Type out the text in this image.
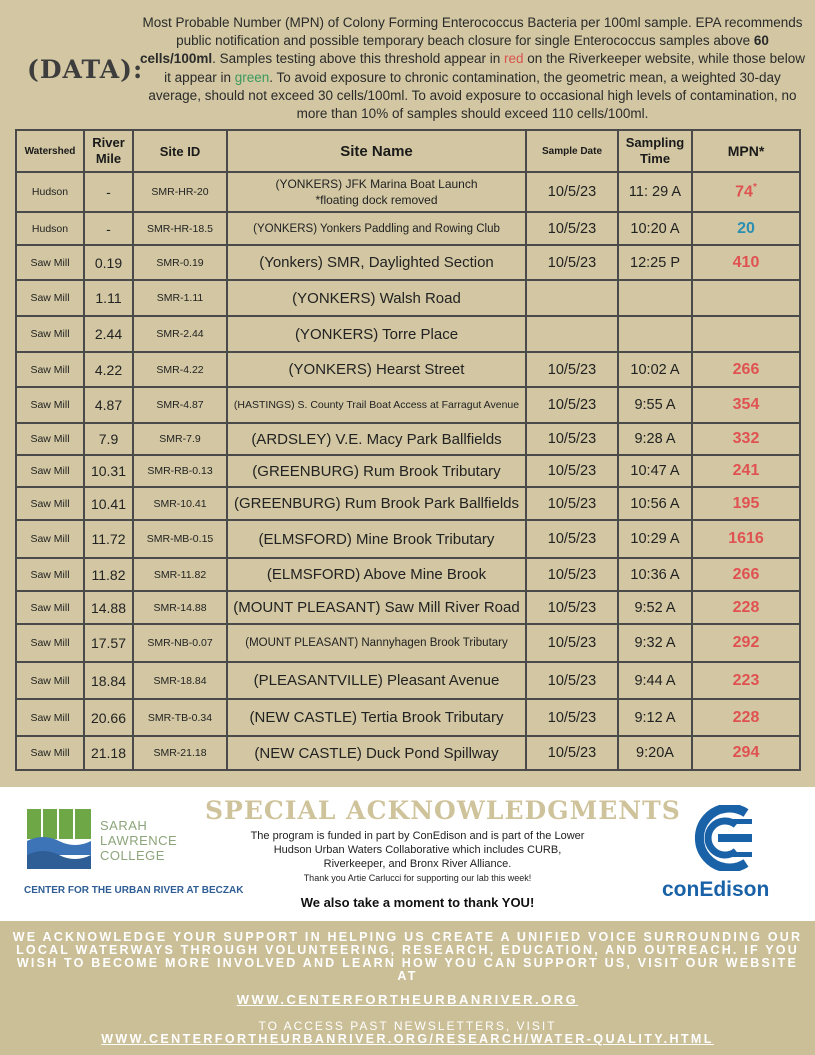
(DATA):
Most Probable Number (MPN) of Colony Forming Enterococcus Bacteria per 100ml sample. EPA recommends public notification and possible temporary beach closure for single Enterococcus samples above 60 cells/100ml. Samples testing above this threshold appear in red on the Riverkeeper website, while those below it appear in green. To avoid exposure to chronic contamination, the geometric mean, a weighted 30-day average, should not exceed 30 cells/100ml. To avoid exposure to occasional high levels of contamination, no more than 10% of samples should exceed 110 cells/100ml.
Watershed	River Mile	Site ID	Site Name	Sample Date	Sampling Time	MPN*
Hudson	-	SMR-HR-20	(YONKERS) JFK Marina Boat Launch
*floating dock removed	10/5/23	11: 29 A	74*
Hudson	-	SMR-HR-18.5	(YONKERS) Yonkers Paddling and Rowing Club	10/5/23	10:20 A	20
Saw Mill	0.19	SMR-0.19	(Yonkers) SMR, Daylighted Section	10/5/23	12:25 P	410
Saw Mill	1.11	SMR-1.11	(YONKERS) Walsh Road			
Saw Mill	2.44	SMR-2.44	(YONKERS) Torre Place			
Saw Mill	4.22	SMR-4.22	(YONKERS) Hearst Street	10/5/23	10:02 A	266
Saw Mill	4.87	SMR-4.87	(HASTINGS) S. County Trail Boat Access at Farragut Avenue	10/5/23	9:55 A	354
Saw Mill	7.9	SMR-7.9	(ARDSLEY) V.E. Macy Park Ballfields	10/5/23	9:28 A	332
Saw Mill	10.31	SMR-RB-0.13	(GREENBURG) Rum Brook Tributary	10/5/23	10:47 A	241
Saw Mill	10.41	SMR-10.41	(GREENBURG) Rum Brook Park Ballfields	10/5/23	10:56 A	195
Saw Mill	11.72	SMR-MB-0.15	(ELMSFORD) Mine Brook Tributary	10/5/23	10:29 A	1616
Saw Mill	11.82	SMR-11.82	(ELMSFORD) Above Mine Brook	10/5/23	10:36 A	266
Saw Mill	14.88	SMR-14.88	(MOUNT PLEASANT) Saw Mill River Road	10/5/23	9:52 A	228
Saw Mill	17.57	SMR-NB-0.07	(MOUNT PLEASANT) Nannyhagen Brook Tributary	10/5/23	9:32 A	292
Saw Mill	18.84	SMR-18.84	(PLEASANTVILLE) Pleasant Avenue	10/5/23	9:44 A	223
Saw Mill	20.66	SMR-TB-0.34	(NEW CASTLE) Tertia Brook Tributary	10/5/23	9:12 A	228
Saw Mill	21.18	SMR-21.18	(NEW CASTLE) Duck Pond Spillway	10/5/23	9:20A	294
SARAH
LAWRENCE
COLLEGE
CENTER FOR THE URBAN RIVER AT BECZAK
SPECIAL ACKNOWLEDGMENTS
The program is funded in part by ConEdison and is part of the Lower Hudson Urban Waters Collaborative which includes CURB, Riverkeeper, and Bronx River Alliance.
Thank you Artie Carlucci for supporting our lab this week!
We also take a moment to thank YOU!
conEdison
WE ACKNOWLEDGE YOUR SUPPORT IN HELPING US CREATE A UNIFIED VOICE SURROUNDING OUR LOCAL WATERWAYS THROUGH VOLUNTEERING, RESEARCH, EDUCATION, AND OUTREACH. IF YOU WISH TO BECOME MORE INVOLVED AND LEARN HOW YOU CAN SUPPORT US, VISIT OUR WEBSITE AT
WWW.CENTERFORTHEURBANRIVER.ORG
TO ACCESS PAST NEWSLETTERS, VISIT
WWW.CENTERFORTHEURBANRIVER.ORG/RESEARCH/WATER-QUALITY.HTML
